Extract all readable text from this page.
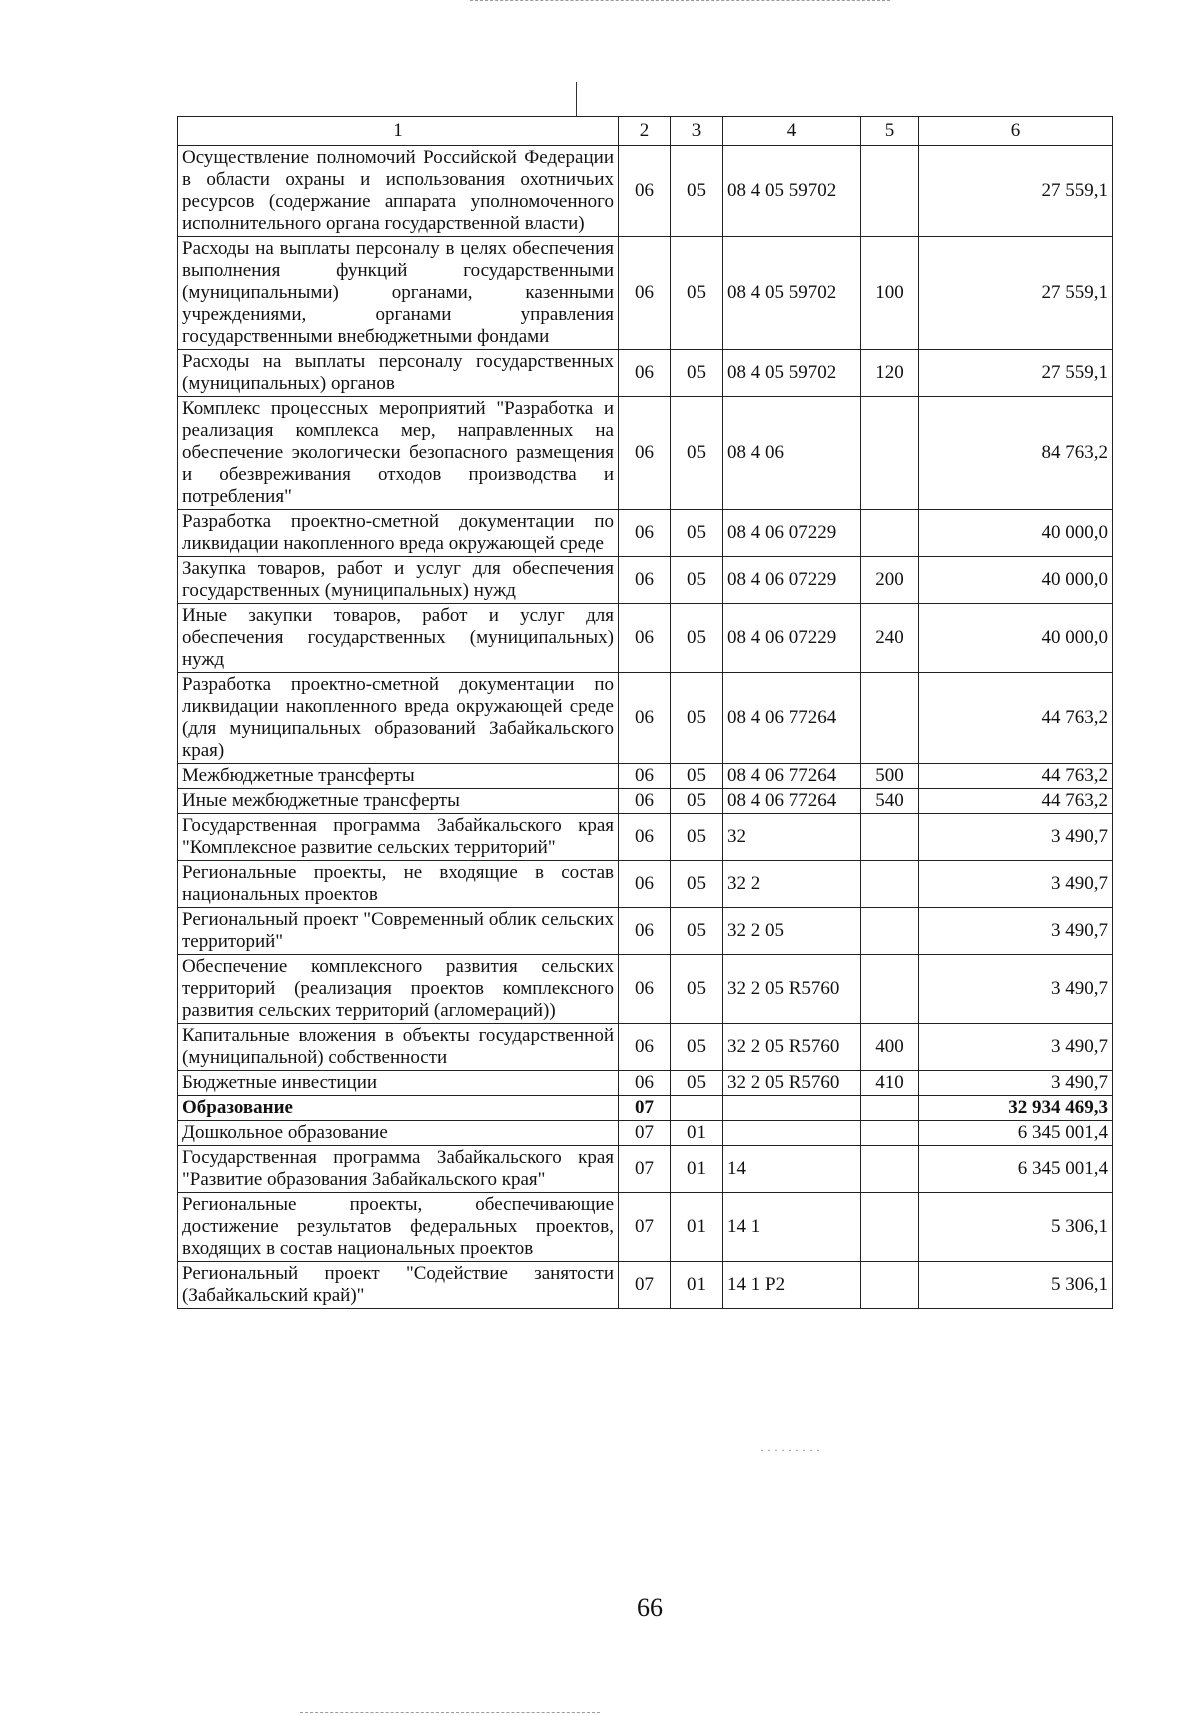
1	2	3	4	5	6
Осуществление полномочий Российской Федерации в области охраны и использования охотничьих ресурсов (содержание аппарата уполномоченного исполнительного органа государственной власти)	06	05	08 4 05 59702		27 559,1
Расходы на выплаты персоналу в целях обеспечения выполнения функций государственными (муниципальными) органами, казенными учреждениями, органами управления государственными внебюджетными фондами	06	05	08 4 05 59702	100	27 559,1
Расходы на выплаты персоналу государственных (муниципальных) органов	06	05	08 4 05 59702	120	27 559,1
Комплекс процессных мероприятий "Разработка и реализация комплекса мер, направленных на обеспечение экологически безопасного размещения и обезвреживания отходов производства и потребления"	06	05	08 4 06		84 763,2
Разработка проектно-сметной документации по ликвидации накопленного вреда окружающей среде	06	05	08 4 06 07229		40 000,0
Закупка товаров, работ и услуг для обеспечения государственных (муниципальных) нужд	06	05	08 4 06 07229	200	40 000,0
Иные закупки товаров, работ и услуг для обеспечения государственных (муниципальных) нужд	06	05	08 4 06 07229	240	40 000,0
Разработка проектно-сметной документации по ликвидации накопленного вреда окружающей среде (для муниципальных образований Забайкальского края)	06	05	08 4 06 77264		44 763,2
Межбюджетные трансферты	06	05	08 4 06 77264	500	44 763,2
Иные межбюджетные трансферты	06	05	08 4 06 77264	540	44 763,2
Государственная программа Забайкальского края "Комплексное развитие сельских территорий"	06	05	32		3 490,7
Региональные проекты, не входящие в состав национальных проектов	06	05	32 2		3 490,7
Региональный проект "Современный облик сельских территорий"	06	05	32 2 05		3 490,7
Обеспечение комплексного развития сельских территорий (реализация проектов комплексного развития сельских территорий (агломераций))	06	05	32 2 05 R5760		3 490,7
Капитальные вложения в объекты государственной (муниципальной) собственности	06	05	32 2 05 R5760	400	3 490,7
Бюджетные инвестиции	06	05	32 2 05 R5760	410	3 490,7
Образование	07				32 934 469,3
Дошкольное образование	07	01			6 345 001,4
Государственная программа Забайкальского края "Развитие образования Забайкальского края"	07	01	14		6 345 001,4
Региональные проекты, обеспечивающие достижение результатов федеральных проектов, входящих в состав национальных проектов	07	01	14 1		5 306,1
Региональный проект "Содействие занятости (Забайкальский край)"	07	01	14 1 P2		5 306,1
66
· · · · · · · · ·
